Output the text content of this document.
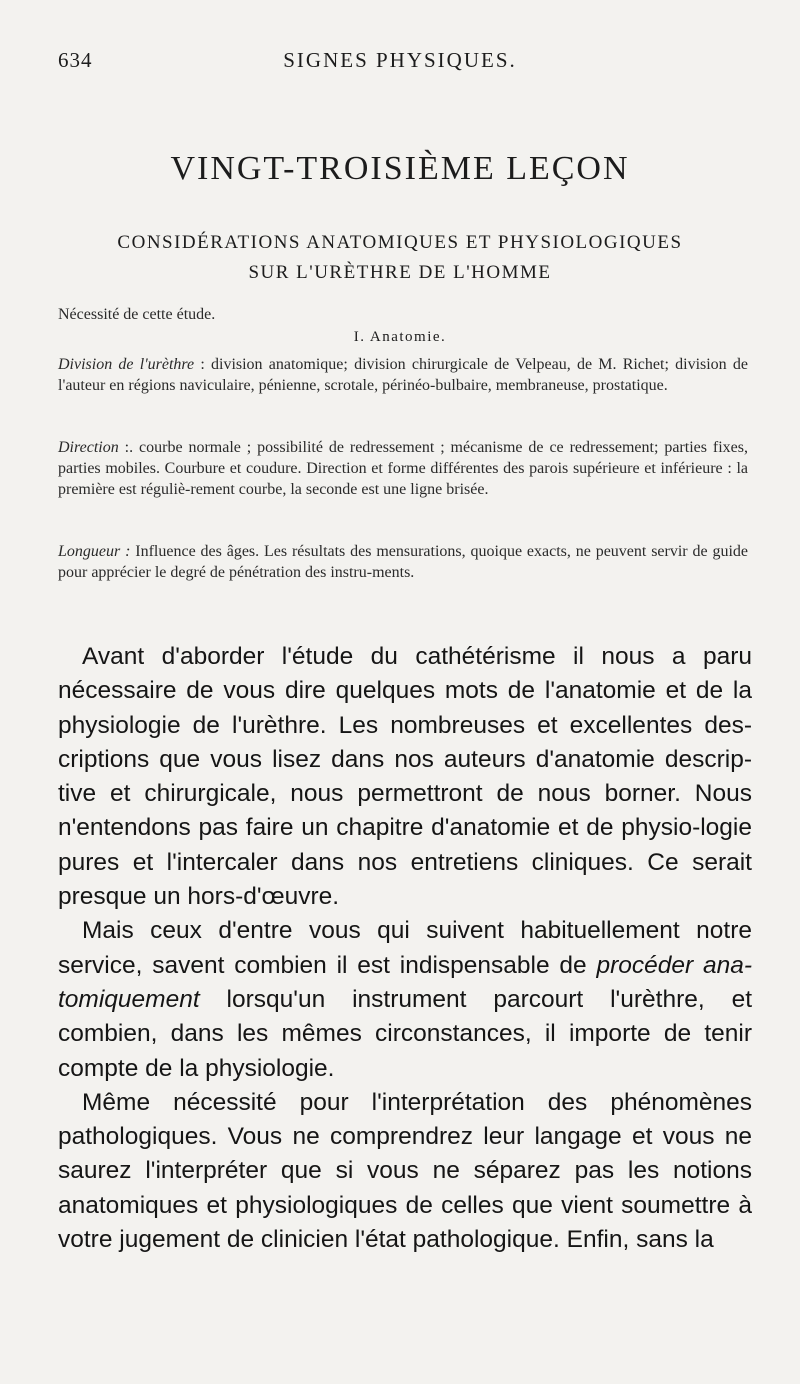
634	SIGNES PHYSIQUES.
VINGT-TROISIÈME LEÇON
CONSIDÉRATIONS ANATOMIQUES ET PHYSIOLOGIQUES
SUR L'URÈTHRE DE L'HOMME
Nécessité de cette étude.
I. Anatomie.
Division de l'urèthre : division anatomique; division chirurgicale de Velpeau, de M. Richet; division de l'auteur en régions naviculaire, pénienne, scrotale, périnéo-bulbaire, membraneuse, prostatique.
Direction :. courbe normale ; possibilité de redressement ; mécanisme de ce redressement; parties fixes, parties mobiles. Courbure et coudure. Direction et forme différentes des parois supérieure et inférieure : la première est réguliè-rement courbe, la seconde est une ligne brisée.
Longueur : Influence des âges. Les résultats des mensurations, quoique exacts, ne peuvent servir de guide pour apprécier le degré de pénétration des instru-ments.

Avant d'aborder l'étude du cathétérisme il nous a paru nécessaire de vous dire quelques mots de l'anatomie et de la physiologie de l'urèthre. Les nombreuses et excellentes des-criptions que vous lisez dans nos auteurs d'anatomie descrip-tive et chirurgicale, nous permettront de nous borner. Nous n'entendons pas faire un chapitre d'anatomie et de physio-logie pures et l'intercaler dans nos entretiens cliniques. Ce serait presque un hors-d'œuvre.

Mais ceux d'entre vous qui suivent habituellement notre service, savent combien il est indispensable de procéder ana-tomiquement lorsqu'un instrument parcourt l'urèthre, et combien, dans les mêmes circonstances, il importe de tenir compte de la physiologie.

Même nécessité pour l'interprétation des phénomènes pathologiques. Vous ne comprendrez leur langage et vous ne saurez l'interpréter que si vous ne séparez pas les notions anatomiques et physiologiques de celles que vient soumettre à votre jugement de clinicien l'état pathologique. Enfin, sans la
